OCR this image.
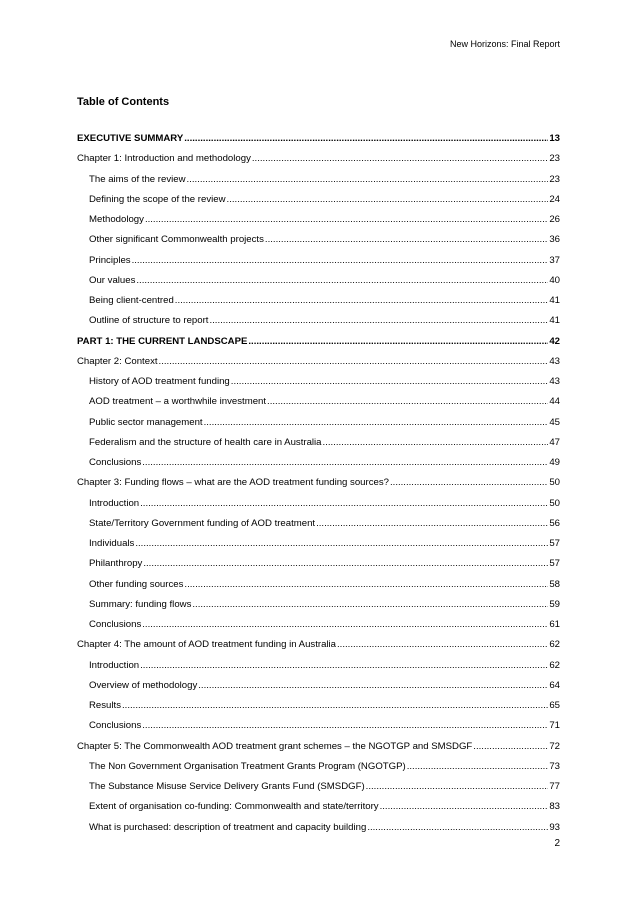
New Horizons: Final Report
Table of Contents
EXECUTIVE SUMMARY .....	13
Chapter 1: Introduction and methodology .....	23
The aims of the review .....	23
Defining the scope of the review .....	24
Methodology .....	26
Other significant Commonwealth projects .....	36
Principles .....	37
Our values .....	40
Being client-centred .....	41
Outline of structure to report .....	41
PART 1: THE CURRENT LANDSCAPE .....	42
Chapter 2: Context .....	43
History of AOD treatment funding .....	43
AOD treatment – a worthwhile investment .....	44
Public sector management .....	45
Federalism and the structure of health care in Australia .....	47
Conclusions .....	49
Chapter 3: Funding flows – what are the AOD treatment funding sources? .....	50
Introduction .....	50
State/Territory Government funding of AOD treatment .....	56
Individuals .....	57
Philanthropy .....	57
Other funding sources .....	58
Summary: funding flows .....	59
Conclusions .....	61
Chapter 4: The amount of AOD treatment funding in Australia .....	62
Introduction .....	62
Overview of methodology .....	64
Results .....	65
Conclusions .....	71
Chapter 5: The Commonwealth AOD treatment grant schemes – the NGOTGP and SMSDGF .....	72
The Non Government Organisation Treatment Grants Program (NGOTGP) .....	73
The Substance Misuse Service Delivery Grants Fund (SMSDGF) .....	77
Extent of organisation co-funding: Commonwealth and state/territory .....	83
What is purchased: description of treatment and capacity building .....	93
2
